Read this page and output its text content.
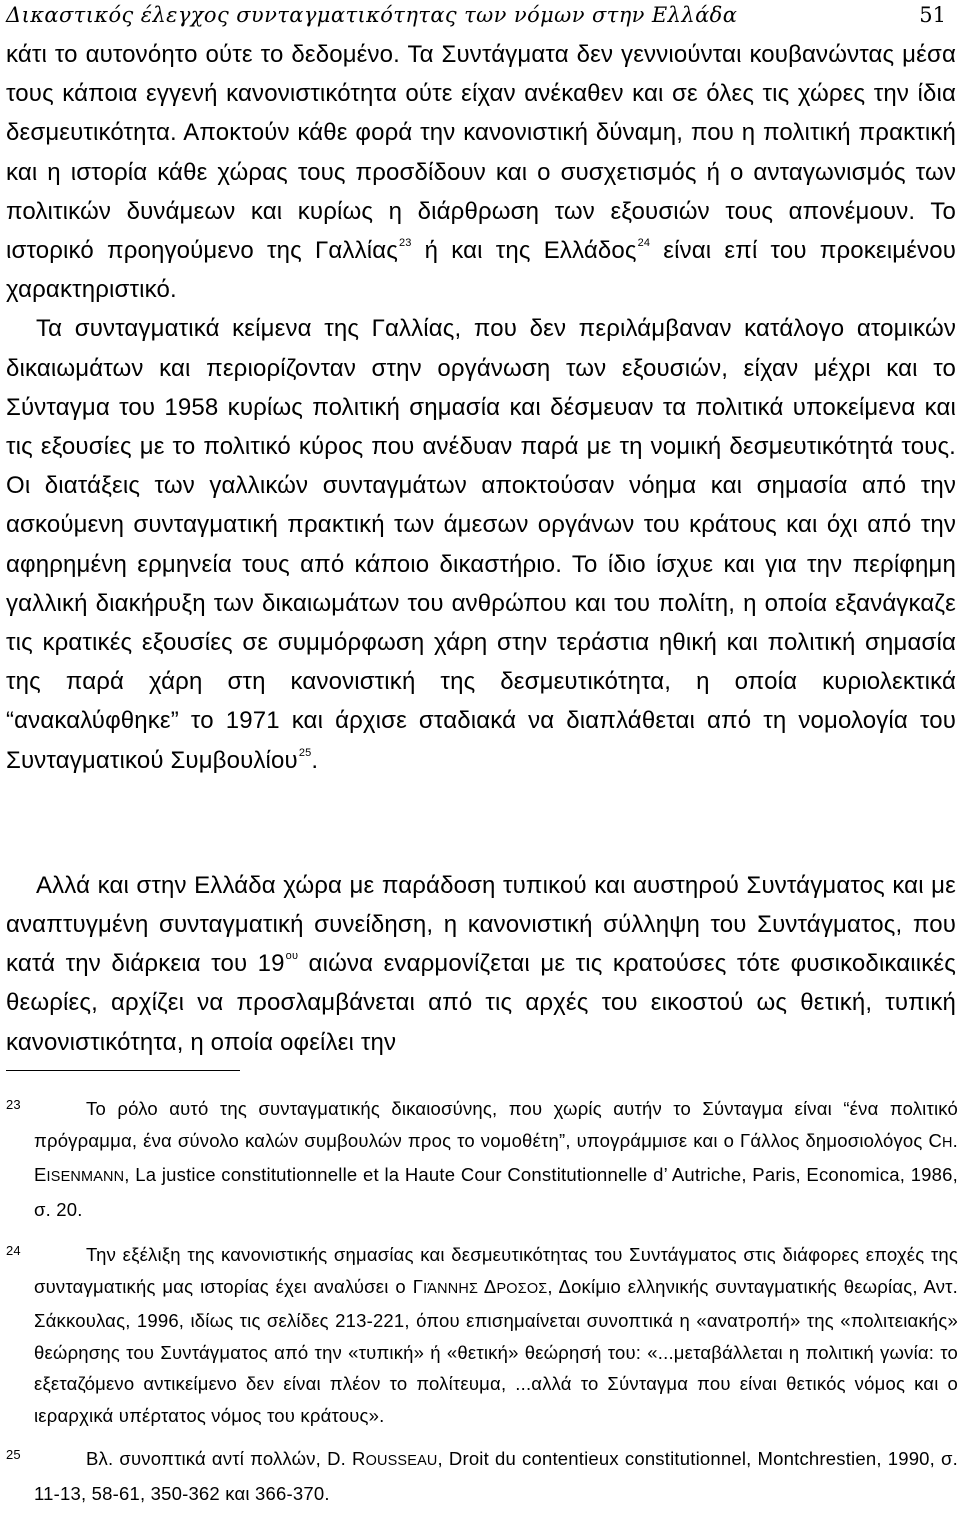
Δικαστικός έλεγχος συνταγματικότητας των νόμων στην Ελλάδα	51

κάτι το αυτονόητο ούτε το δεδομένο. Τα Συντάγματα δεν γεννιούνται κουβανώντας μέσα τους κάποια εγγενή κανονιστικότητα ούτε είχαν ανέκαθεν και σε όλες τις χώρες την ίδια δεσμευτικότητα. Αποκτούν κάθε φορά την κανονιστική δύναμη, που η πολιτική πρακτική και η ιστορία κάθε χώρας τους προσδίδουν και ο συσχετισμός ή ο ανταγωνισμός των πολιτικών δυνάμεων και κυρίως η διάρθρωση των εξουσιών τους απονέμουν. Το ιστορικό προηγούμενο της Γαλλίας$^{23}$ ή και της Ελλάδος$^{24}$ είναι επί του προκειμένου χαρακτηριστικό.

Τα συνταγματικά κείμενα της Γαλλίας, που δεν περιλάμβαναν κατάλογο ατομικών δικαιωμάτων και περιορίζονταν στην οργάνωση των εξουσιών, είχαν μέχρι και το Σύνταγμα του 1958 κυρίως πολιτική σημασία και δέσμευαν τα πολιτικά υποκείμενα και τις εξουσίες με το πολιτικό κύρος που ανέδυαν παρά με τη νομική δεσμευτικότητά τους. Οι διατάξεις των γαλλικών συνταγμάτων αποκτούσαν νόημα και σημασία από την ασκούμενη συνταγματική πρακτική των άμεσων οργάνων του κράτους και όχι από την αφηρημένη ερμηνεία τους από κάποιο δικαστήριο. Το ίδιο ίσχυε και για την περίφημη γαλλική διακήρυξη των δικαιωμάτων του ανθρώπου και του πολίτη, η οποία εξανάγκαζε τις κρατικές εξουσίες σε συμμόρφωση χάρη στην τεράστια ηθική και πολιτική σημασία της παρά χάρη στη κανονιστική της δεσμευτικότητα, η οποία κυριολεκτικά “ανακαλύφθηκε” το 1971 και άρχισε σταδιακά να διαπλάθεται από τη νομολογία του Συνταγματικού Συμβουλίου$^{25}$.

Αλλά και στην Ελλάδα χώρα με παράδοση τυπικού και αυστηρού Συντάγματος και με αναπτυγμένη συνταγματική συνείδηση, η κανονιστική σύλληψη του Συντάγματος, που κατά την διάρκεια του $19^{o\upsilon}$ αιώνα εναρμονίζεται με τις κρατούσες τότε φυσικοδικαιικές θεωρίες, αρχίζει να προσλαμβάνεται από τις αρχές του εικοστού ως θετική, τυπική κανονιστικότητα, η οποία οφείλει την

23	Το ρόλο αυτό της συνταγματικής δικαιοσύνης, που χωρίς αυτήν το Σύνταγμα είναι “ένα πολιτικό πρόγραμμα, ένα σύνολο καλών συμβουλών προς το νομοθέτη”, υπογράμμισε και ο Γάλλος δημοσιολόγος CH. EISENMANN, La justice constitutionnelle et la Haute Cour Constitutionnelle d’ Autriche, Paris, Economica, 1986, σ. 20.

24	Την εξέλιξη της κανονιστικής σημασίας και δεσμευτικότητας του Συντάγματος στις διάφορες εποχές της συνταγματικής μας ιστορίας έχει αναλύσει ο ΓΙΆΝΝΗΣ ΔΡΟΣΟΣ, Δοκίμιο ελληνικής συνταγματικής θεωρίας, Αντ. Σάκκουλας, 1996, ιδίως τις σελίδες 213-221, όπου επισημαίνεται συνοπτικά η «ανατροπή» της «πολιτειακής» θεώρησης του Συντάγματος από την «τυπική» ή «θετική» θεώρησή του: «...μεταβάλλεται η πολιτική γωνία: το εξεταζόμενο αντικείμενο δεν είναι πλέον το πολίτευμα, ...αλλά το Σύνταγμα που είναι θετικός νόμος και ο ιεραρχικά υπέρτατος νόμος του κράτους».

25	Βλ. συνοπτικά αντί πολλών, D. ROUSSEAU, Droit du contentieux constitutionnel, Montchrestien, 1990, σ. 11-13, 58-61, 350-362 και 366-370.
